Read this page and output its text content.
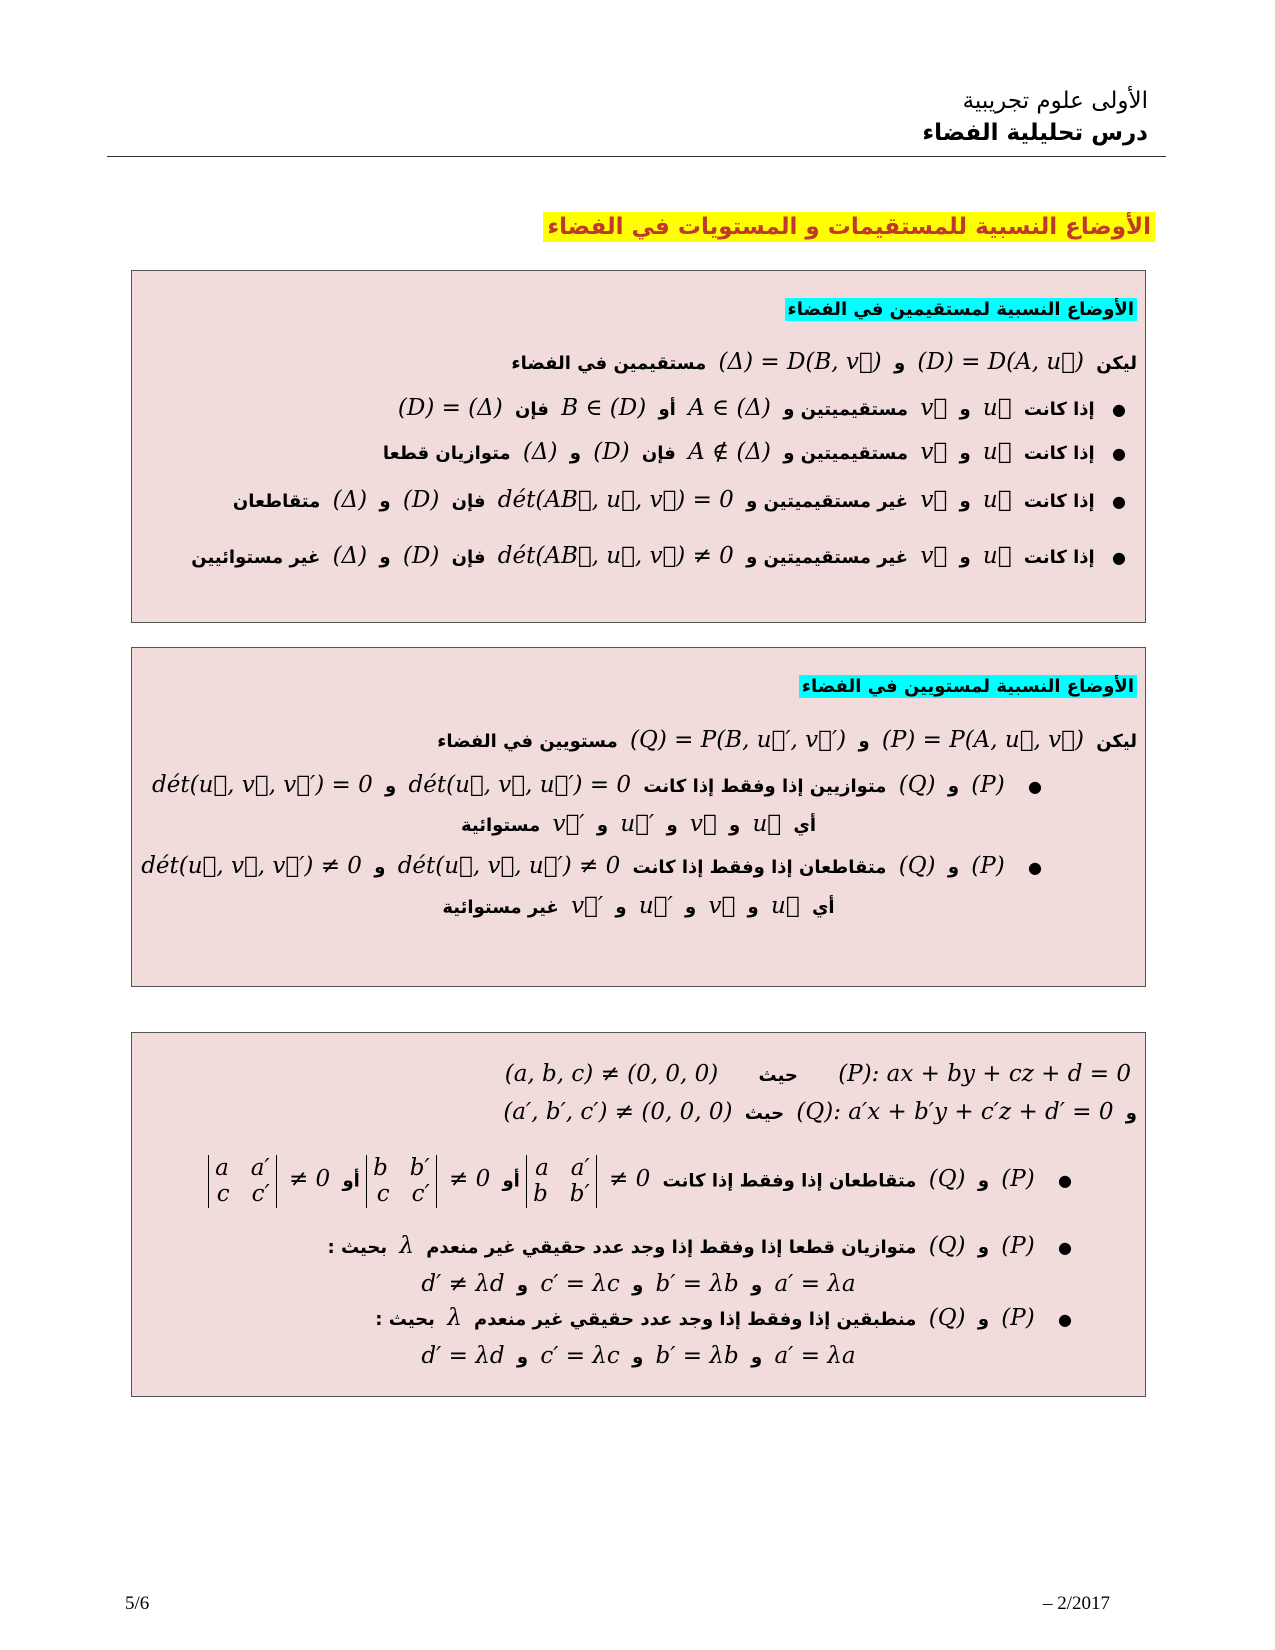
الأولى علوم تجريبية
درس تحليلية الفضاء
الأوضاع النسبية للمستقيمات و المستويات في الفضاء
الأوضاع النسبية لمستقيمين في الفضاء
ليكن (D) = D(A, u⃗) و (Δ) = D(B, v⃗) مستقيمين في الفضاء
● إذا كانت u⃗ و v⃗ مستقيميتين و A ∈ (Δ) أو B ∈ (D) فإن (D) = (Δ)
● إذا كانت u⃗ و v⃗ مستقيميتين و A ∉ (Δ) فإن (D) و (Δ) متوازيان قطعا
● إذا كانت u⃗ و v⃗ غير مستقيميتين و dét(AB⃗, u⃗, v⃗) = 0 فإن (D) و (Δ) متقاطعان
● إذا كانت u⃗ و v⃗ غير مستقيميتين و dét(AB⃗, u⃗, v⃗) ≠ 0 فإن (D) و (Δ) غير مستوائيين
الأوضاع النسبية لمستويين في الفضاء
ليكن (P) = P(A, u⃗, v⃗) و (Q) = P(B, u⃗′, v⃗′) مستويين في الفضاء
● (P) و (Q) متوازيين إذا وفقط إذا كانت dét(u⃗, v⃗, u⃗′) = 0 و dét(u⃗, v⃗, v⃗′) = 0
أي u⃗ و v⃗ و u⃗′ و v⃗′ مستوائية
● (P) و (Q) متقاطعان إذا وفقط إذا كانت dét(u⃗, v⃗, u⃗′) ≠ 0 و dét(u⃗, v⃗, v⃗′) ≠ 0
أي u⃗ و v⃗ و u⃗′ و v⃗′ غير مستوائية
(P): ax + by + cz + d = 0 حيث (a, b, c) ≠ (0, 0, 0)
و (Q): a′x + b′y + c′z + d′ = 0 حيث (a′, b′, c′) ≠ (0, 0, 0)
● (P) و (Q) متقاطعان إذا وفقط إذا كانت ≠ 0
a   a′
b   b′
أو ≠ 0
b   b′
c   c′
أو ≠ 0
a   a′
c   c′
● (P) و (Q) متوازيان قطعا إذا وفقط إذا وجد عدد حقيقي غير منعدم λ بحيث :
a′ = λa و b′ = λb و c′ = λc و d′ ≠ λd
● (P) و (Q) منطبقين إذا وفقط إذا وجد عدد حقيقي غير منعدم λ بحيث :
a′ = λa و b′ = λb و c′ = λc و d′ = λd
5/6	– 2/2017
